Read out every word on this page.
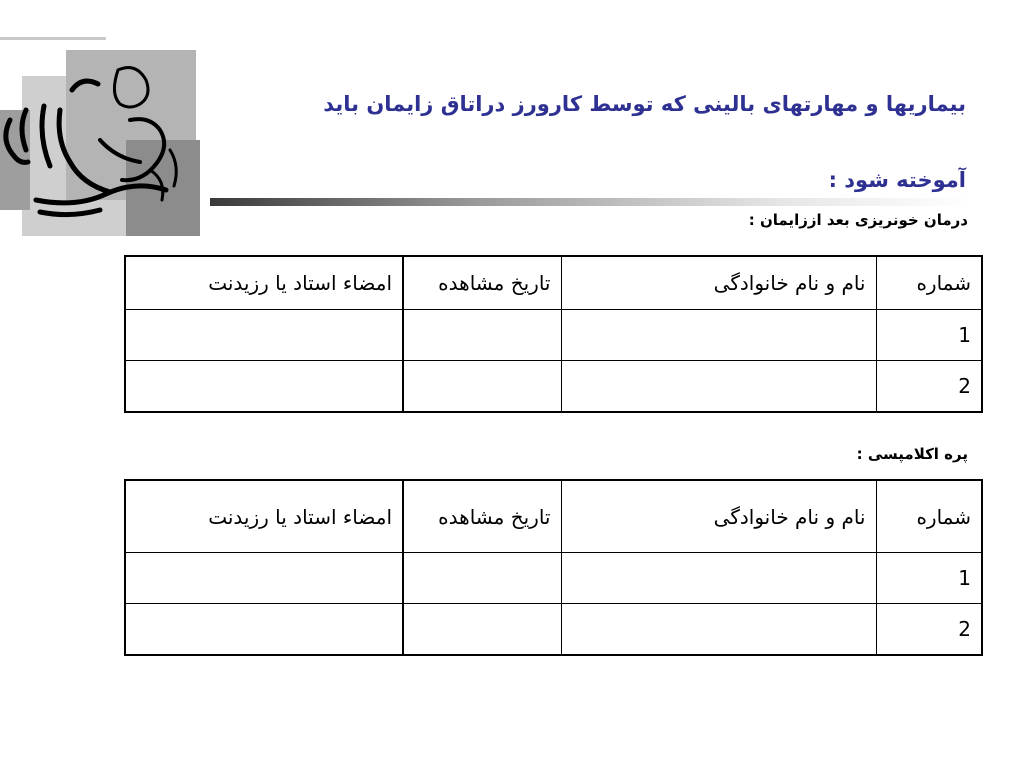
بیماریها و مهارتهای بالینی که توسط کارورز دراتاق زایمان باید آموخته شود :
درمان خونریزی بعد اززایمان :
شماره	نام و نام خانوادگی	تاریخ مشاهده	امضاء استاد یا رزیدنت
1			
2			
پره اکلامپسی :
شماره	نام و نام خانوادگی	تاریخ مشاهده	امضاء استاد یا رزیدنت
1			
2			
